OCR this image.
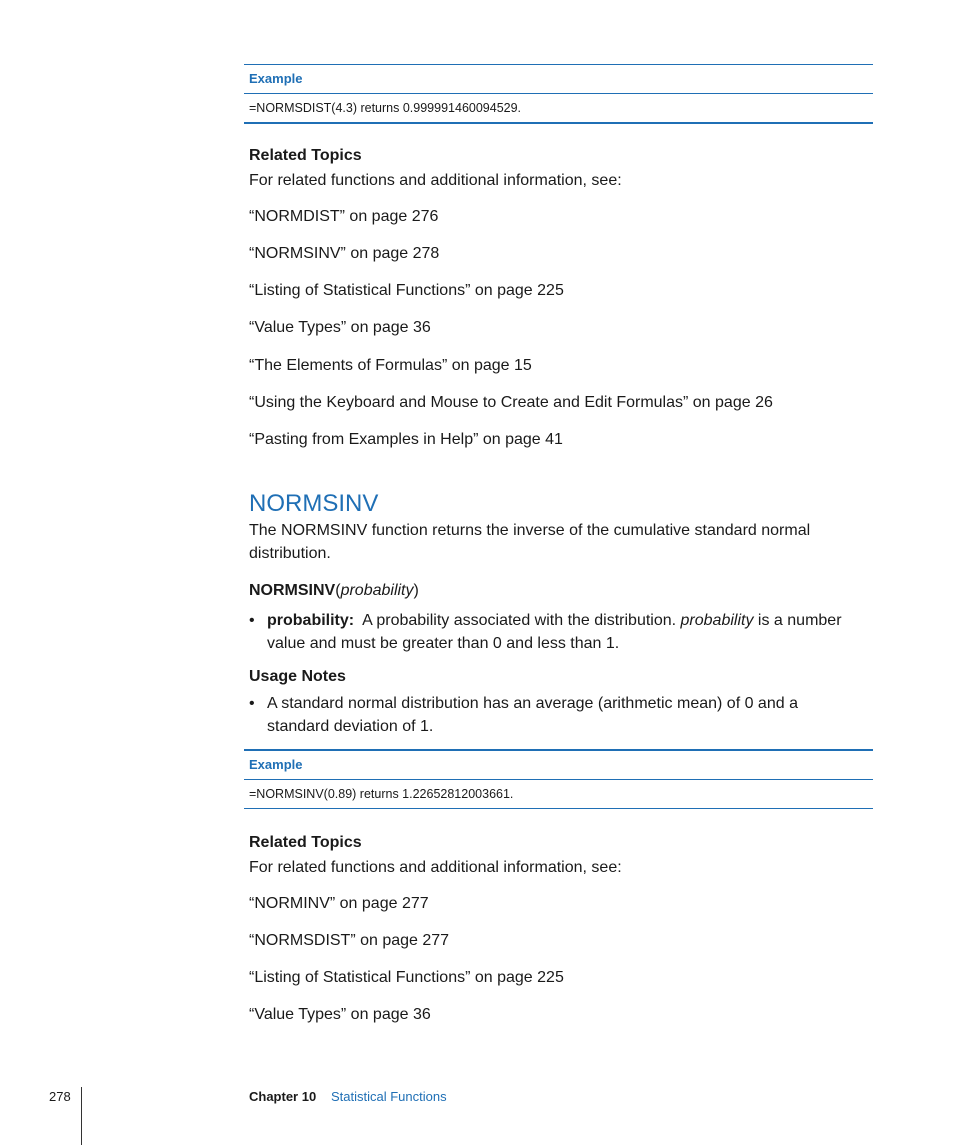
Example
=NORMSDIST(4.3) returns 0.999991460094529.
Related Topics
For related functions and additional information, see:
“NORMDIST” on page 276
“NORMSINV” on page 278
“Listing of Statistical Functions” on page 225
“Value Types” on page 36
“The Elements of Formulas” on page 15
“Using the Keyboard and Mouse to Create and Edit Formulas” on page 26
“Pasting from Examples in Help” on page 41
NORMSINV
The NORMSINV function returns the inverse of the cumulative standard normal distribution.
NORMSINV(probability)
• probability: A probability associated with the distribution. probability is a number value and must be greater than 0 and less than 1.
Usage Notes
• A standard normal distribution has an average (arithmetic mean) of 0 and a standard deviation of 1.
Example
=NORMSINV(0.89) returns 1.22652812003661.
Related Topics
For related functions and additional information, see:
“NORMINV” on page 277
“NORMSDIST” on page 277
“Listing of Statistical Functions” on page 225
“Value Types” on page 36
278	Chapter 10 Statistical Functions
